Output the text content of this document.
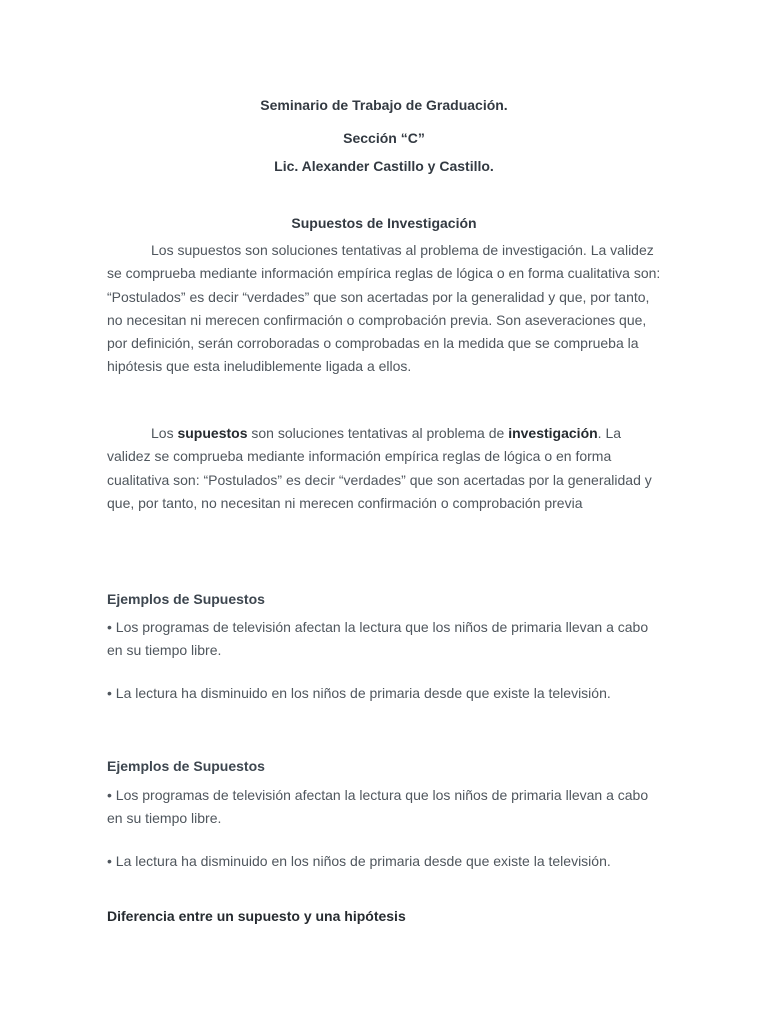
Seminario de Trabajo de Graduación.
Sección “C”
Lic. Alexander Castillo y Castillo.
Supuestos de Investigación

Los supuestos son soluciones tentativas al problema de investigación. La validez se comprueba mediante información empírica reglas de lógica o en forma cualitativa son: “Postulados” es decir “verdades” que son acertadas por la generalidad y que, por tanto, no necesitan ni merecen confirmación o comprobación previa. Son aseveraciones que, por definición, serán corroboradas o comprobadas en la medida que se comprueba la hipótesis que esta ineludiblemente ligada a ellos.

Los supuestos son soluciones tentativas al problema de investigación. La validez se comprueba mediante información empírica reglas de lógica o en forma cualitativa son: “Postulados” es decir “verdades” que son acertadas por la generalidad y que, por tanto, no necesitan ni merecen confirmación o comprobación previa

Ejemplos de Supuestos

• Los programas de televisión afectan la lectura que los niños de primaria llevan a cabo en su tiempo libre.

• La lectura ha disminuido en los niños de primaria desde que existe la televisión.

Ejemplos de Supuestos

• Los programas de televisión afectan la lectura que los niños de primaria llevan a cabo en su tiempo libre.

• La lectura ha disminuido en los niños de primaria desde que existe la televisión.

Diferencia entre un supuesto y una hipótesis
